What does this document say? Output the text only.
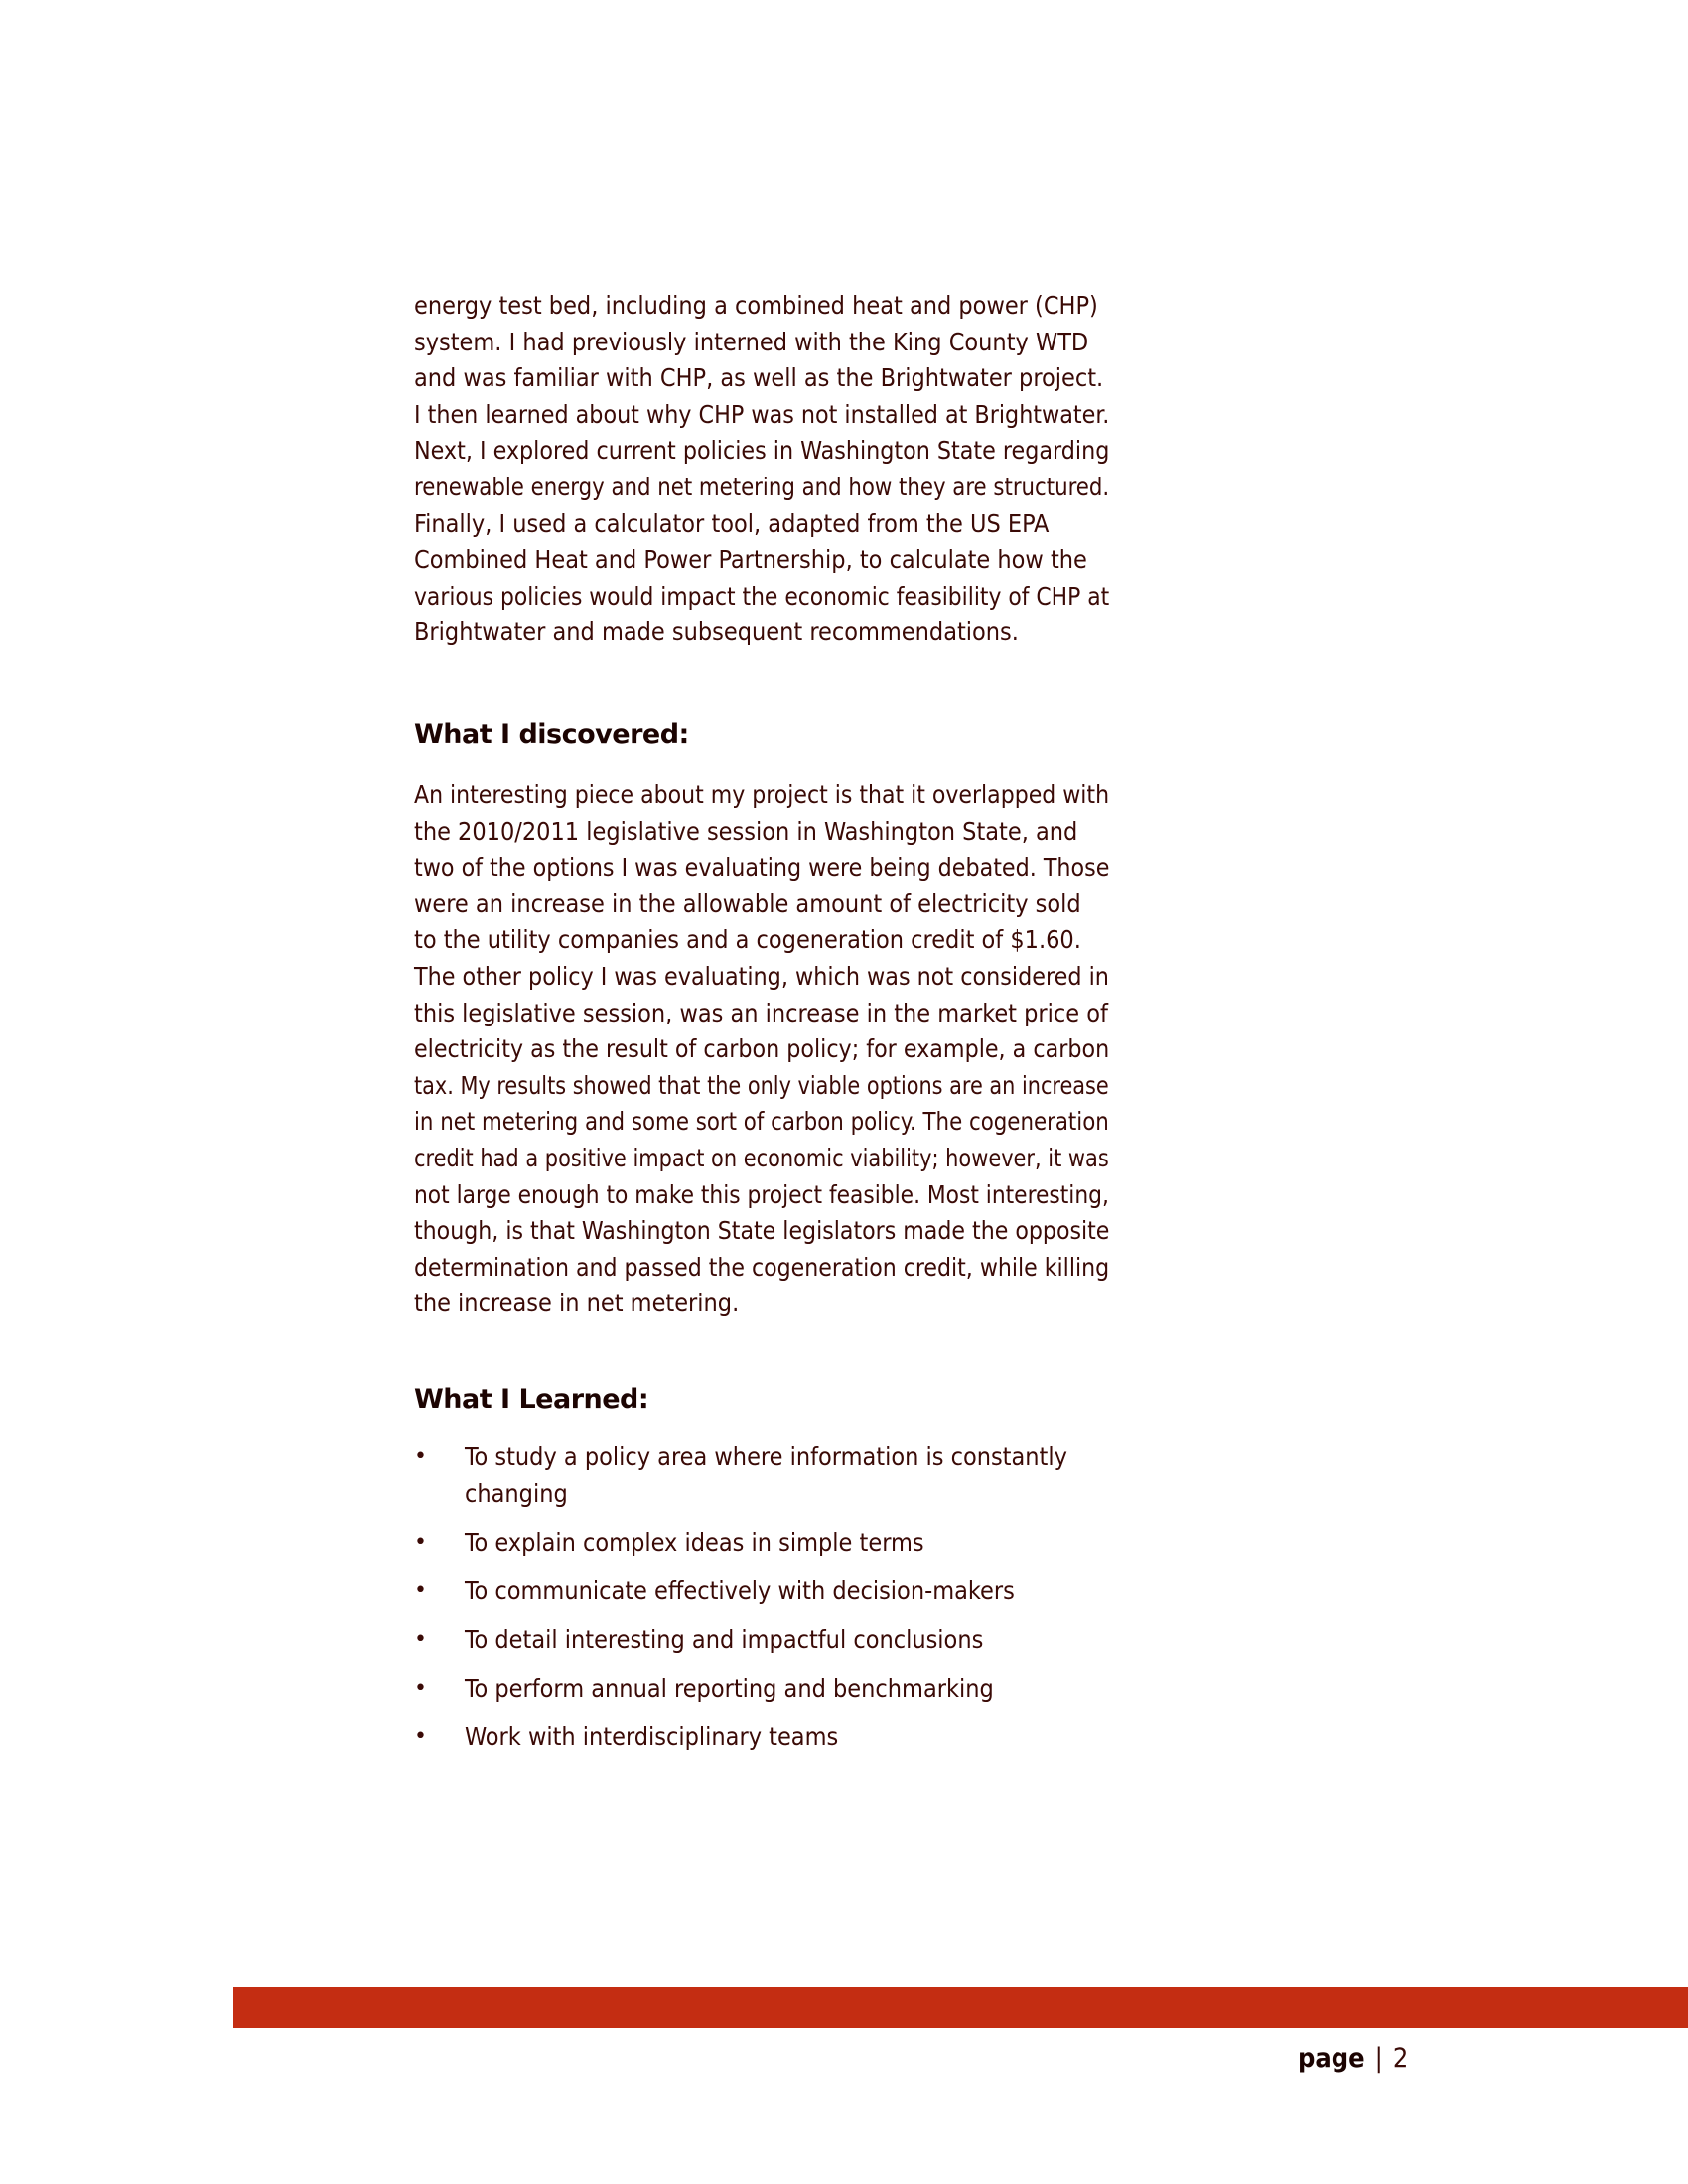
energy test bed, including a combined heat and power (CHP)
system. I had previously interned with the King County WTD
and was familiar with CHP, as well as the Brightwater project.
I then learned about why CHP was not installed at Brightwater.
Next, I explored current policies in Washington State regarding
renewable energy and net metering and how they are structured.
Finally, I used a calculator tool, adapted from the US EPA
Combined Heat and Power Partnership, to calculate how the
various policies would impact the economic feasibility of CHP at
Brightwater and made subsequent recommendations.

What I discovered:

An interesting piece about my project is that it overlapped with
the 2010/2011 legislative session in Washington State, and
two of the options I was evaluating were being debated. Those
were an increase in the allowable amount of electricity sold
to the utility companies and a cogeneration credit of $1.60.
The other policy I was evaluating, which was not considered in
this legislative session, was an increase in the market price of
electricity as the result of carbon policy; for example, a carbon
tax. My results showed that the only viable options are an increase
in net metering and some sort of carbon policy. The cogeneration
credit had a positive impact on economic viability; however, it was
not large enough to make this project feasible. Most interesting,
though, is that Washington State legislators made the opposite
determination and passed the cogeneration credit, while killing
the increase in net metering.

What I Learned:
• To study a policy area where information is constantly
changing
• To explain complex ideas in simple terms
• To communicate effectively with decision-makers
• To detail interesting and impactful conclusions
• To perform annual reporting and benchmarking
• Work with interdisciplinary teams
page | 2
